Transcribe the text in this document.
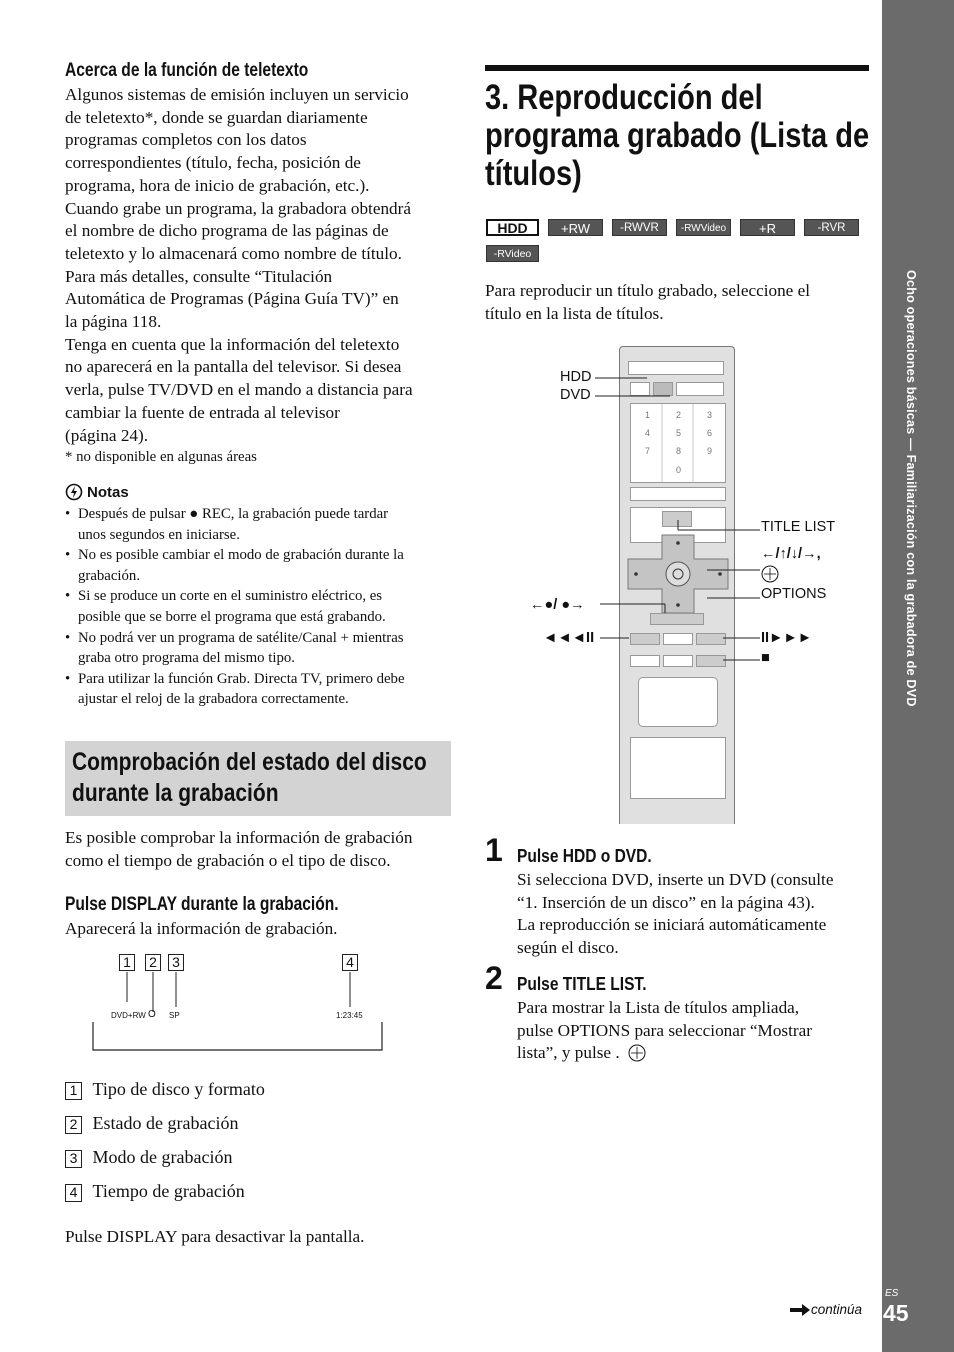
Ocho operaciones básicas — Familiarización con la grabadora de DVD
ES
45
Acerca de la función de teletexto

Algunos sistemas de emisión incluyen un servicio

de teletexto*, donde se guardan diariamente

programas completos con los datos

correspondientes (título, fecha, posición de

programa, hora de inicio de grabación, etc.).

Cuando grabe un programa, la grabadora obtendrá

el nombre de dicho programa de las páginas de

teletexto y lo almacenará como nombre de título.

Para más detalles, consulte “Titulación

Automática de Programas (Página Guía TV)” en

la página 118.

Tenga en cuenta que la información del teletexto

no aparecerá en la pantalla del televisor. Si desea

verla, pulse TV/DVD en el mando a distancia para

cambiar la fuente de entrada al televisor

(página 24).

* no disponible en algunas áreas
Notas

• Después de pulsar ● REC, la grabación puede tardar

unos segundos en iniciarse.

• No es posible cambiar el modo de grabación durante la

grabación.

• Si se produce un corte en el suministro eléctrico, es

posible que se borre el programa que está grabando.

• No podrá ver un programa de satélite/Canal + mientras

graba otro programa del mismo tipo.

• Para utilizar la función Grab. Directa TV, primero debe

ajustar el reloj de la grabadora correctamente.

Comprobación del estado del disco
durante la grabación

Es posible comprobar la información de grabación

como el tiempo de grabación o el tipo de disco.

Pulse DISPLAY durante la grabación.
Aparecerá la información de grabación.
1 2 3	4
DVD+RW O SP	1:23:45
1 Tipo de disco y formato
2 Estado de grabación
3 Modo de grabación
4 Tiempo de grabación
Pulse DISPLAY para desactivar la pantalla.
3. Reproducción del
programa grabado (Lista de
títulos)
HDD	+RW	-RWVR	-RWVideo	+R	-RVR
-RVideo

Para reproducir un título grabado, seleccione el

título en la lista de títulos.

1	2	3
4	5	6
7	8	9
0
HDD
DVD
TITLE LIST
←/↑/↓/→,
OPTIONS
←●/ ●→
◄◄◄II	II►►►
■
1 Pulse HDD o DVD.

Si selecciona DVD, inserte un DVD (consulte

“1. Inserción de un disco” en la página 43).

La reproducción se iniciará automáticamente

según el disco.

2 Pulse TITLE LIST.

Para mostrar la Lista de títulos ampliada,

pulse OPTIONS para seleccionar “Mostrar

lista”, y pulse .

continúa
